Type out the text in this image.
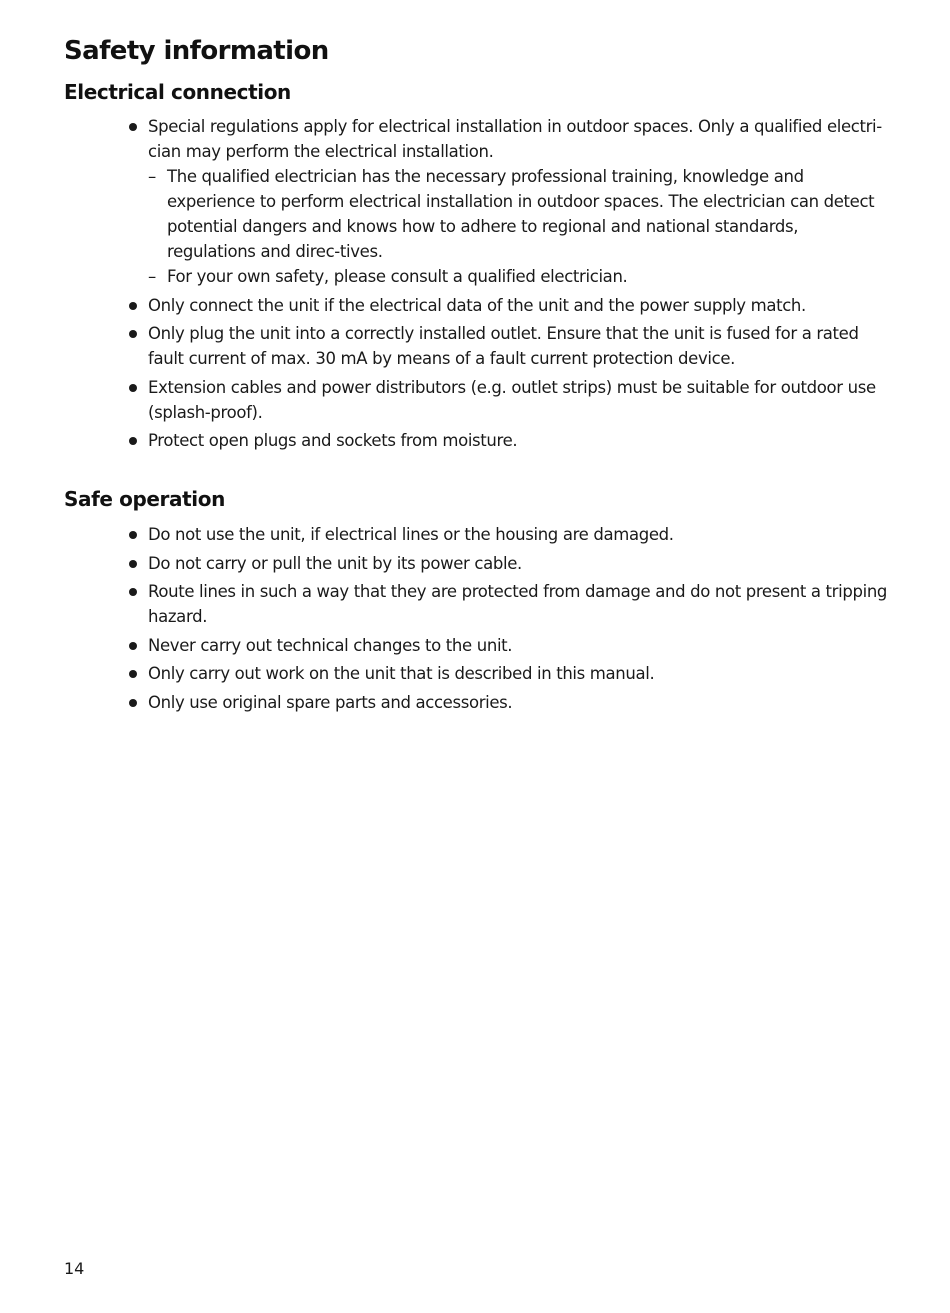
Safety information
Electrical connection
Special regulations apply for electrical installation in outdoor spaces. Only a qualified electri-cian may perform the electrical installation.
– The qualified electrician has the necessary professional training, knowledge and experience to perform electrical installation in outdoor spaces. The electrician can detect potential dangers and knows how to adhere to regional and national standards, regulations and direc-tives.
– For your own safety, please consult a qualified electrician.
Only connect the unit if the electrical data of the unit and the power supply match.
Only plug the unit into a correctly installed outlet. Ensure that the unit is fused for a rated fault current of max. 30 mA by means of a fault current protection device.
Extension cables and power distributors (e.g. outlet strips) must be suitable for outdoor use (splash-proof).
Protect open plugs and sockets from moisture.
Safe operation
Do not use the unit, if electrical lines or the housing are damaged.
Do not carry or pull the unit by its power cable.
Route lines in such a way that they are protected from damage and do not present a tripping hazard.
Never carry out technical changes to the unit.
Only carry out work on the unit that is described in this manual.
Only use original spare parts and accessories.
14
